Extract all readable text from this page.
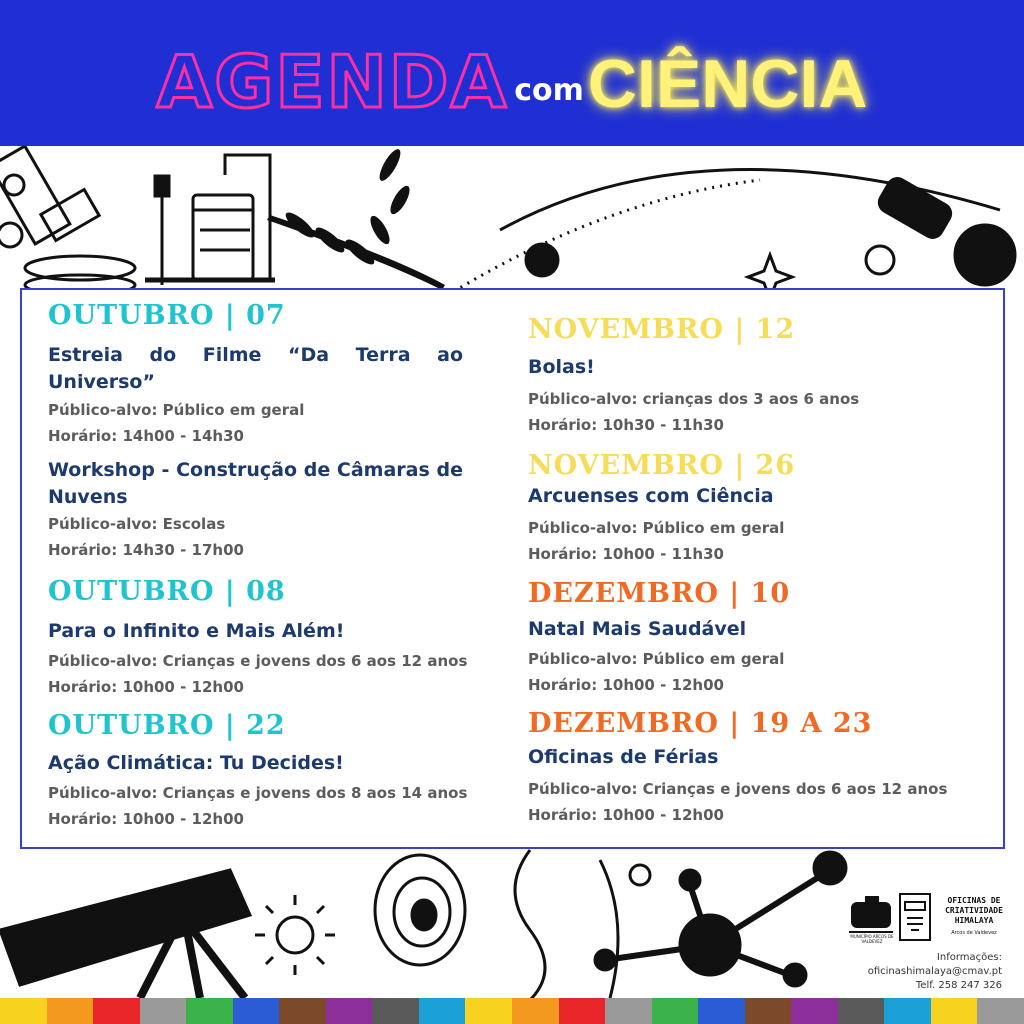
AGENDA com CIÊNCIA
OUTUBRO | 07
Estreia do Filme “Da Terra ao Universo”
Público-alvo: Público em geral
Horário: 14h00 - 14h30
Workshop - Construção de Câmaras de Nuvens
Público-alvo: Escolas
Horário: 14h30 - 17h00
OUTUBRO | 08
Para o Infinito e Mais Além!
Público-alvo: Crianças e jovens dos 6 aos 12 anos
Horário: 10h00 - 12h00
OUTUBRO | 22
Ação Climática: Tu Decides!
Público-alvo: Crianças e jovens dos 8 aos 14 anos
Horário: 10h00 - 12h00
NOVEMBRO | 12
Bolas!
Público-alvo: crianças dos 3 aos 6 anos
Horário: 10h30 - 11h30
NOVEMBRO | 26
Arcuenses com Ciência
Público-alvo: Público em geral
Horário: 10h00 - 11h30
DEZEMBRO | 10
Natal Mais Saudável
Público-alvo: Público em geral
Horário: 10h00 - 12h00
DEZEMBRO | 19 A 23
Oficinas de Férias
Público-alvo: Crianças e jovens dos 6 aos 12 anos
Horário: 10h00 - 12h00
MUNICÍPIO ARCOS DE VALDEVEZ
OFICINAS DE CRIATIVIDADE HIMALAYA
Arcos de Valdevez
Informações:
oficinashimalaya@cmav.pt
Telf. 258 247 326
